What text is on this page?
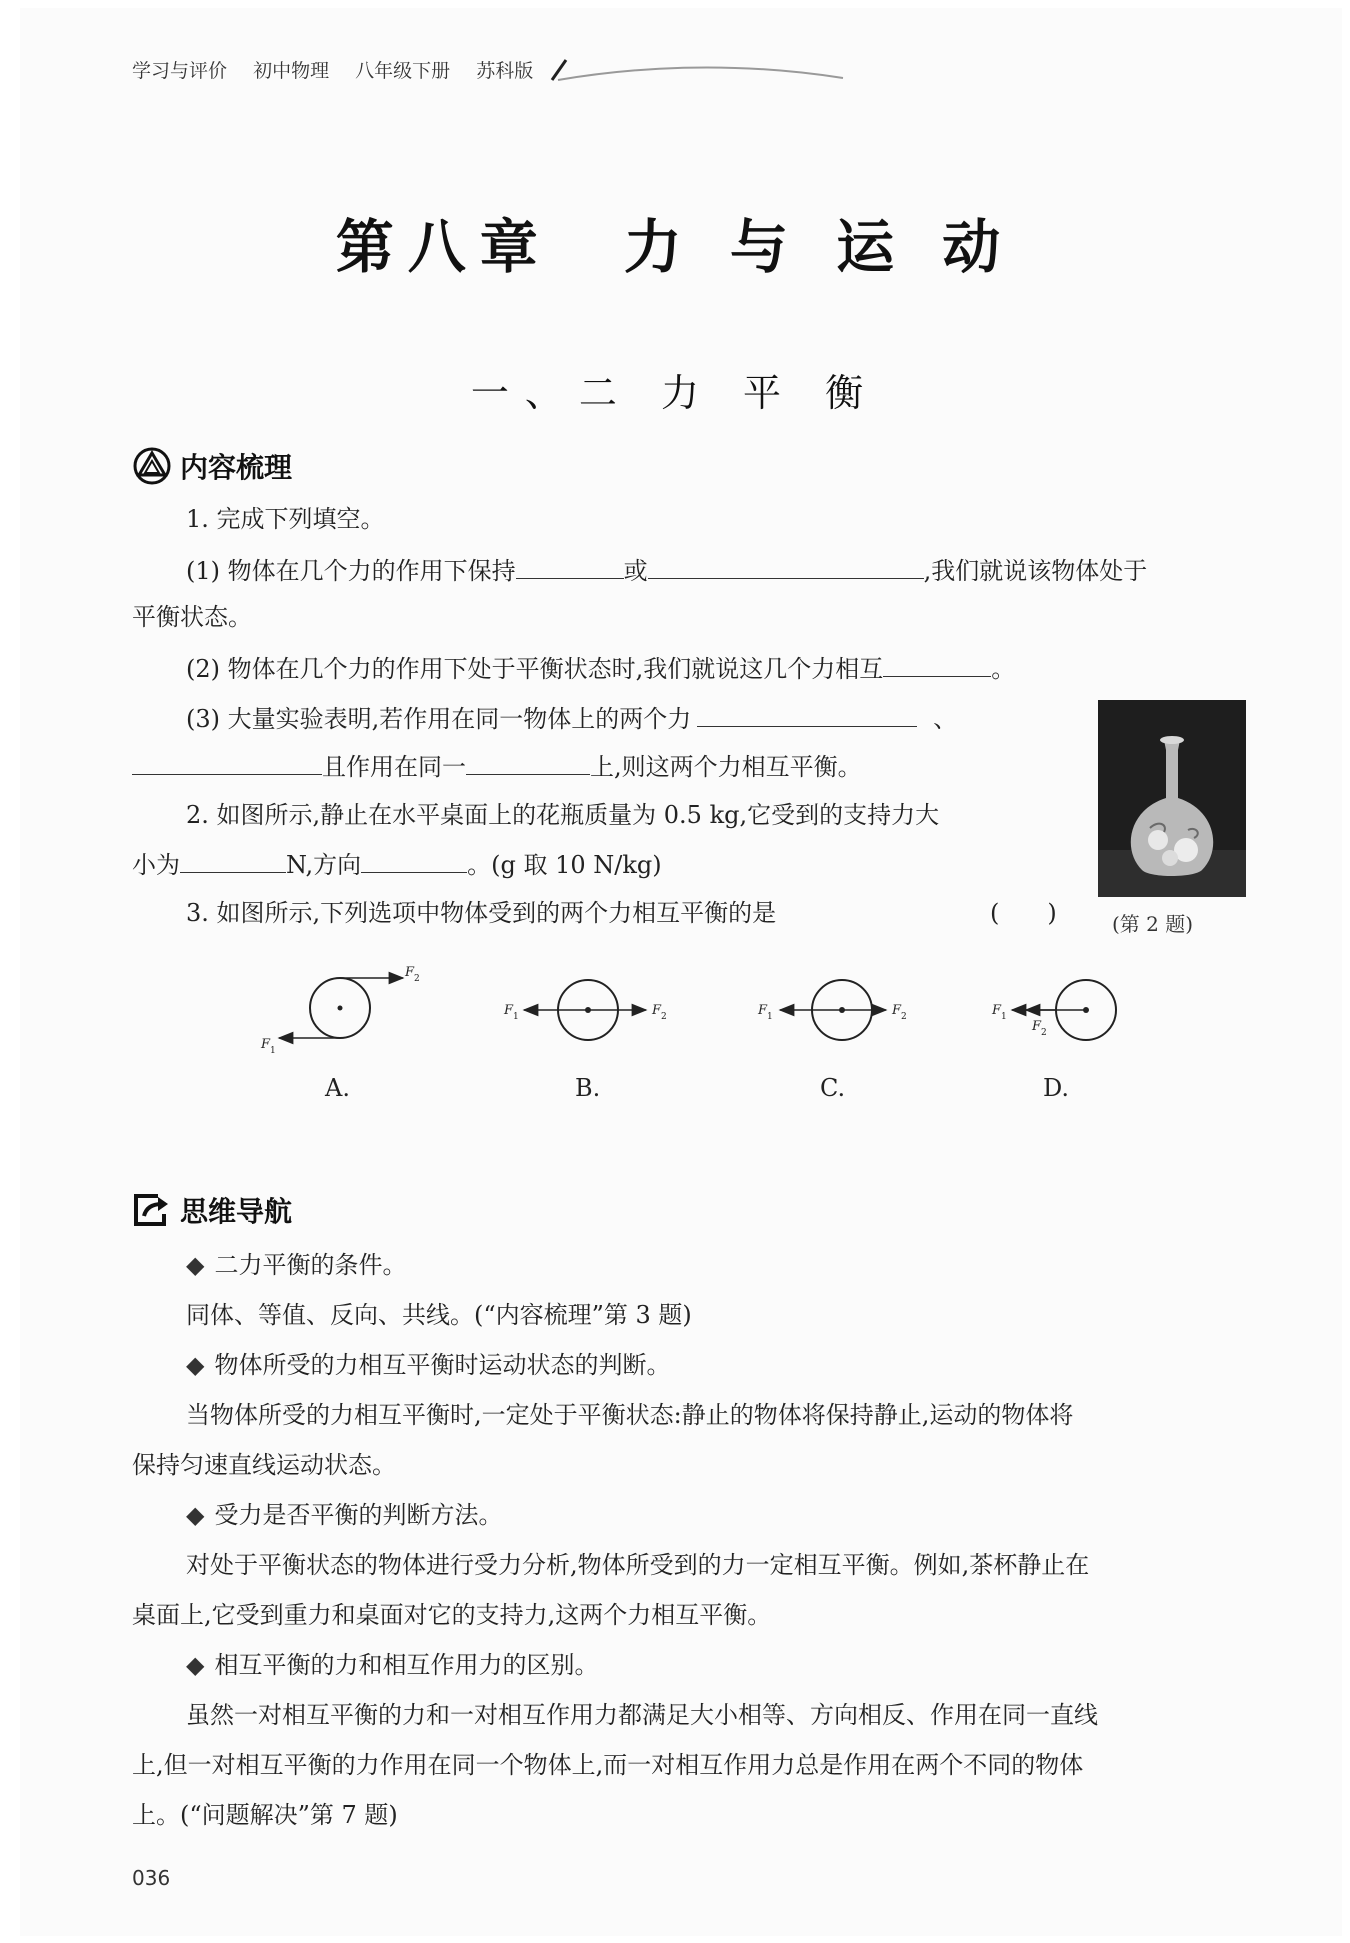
学习与评价 初中物理 八年级下册 苏科版
第八章　力 与 运 动
一、二 力 平 衡
内容梳理
1. 完成下列填空。
(1) 物体在几个力的作用下保持	或	,我们就说该物体处于
平衡状态。
(2) 物体在几个力的作用下处于平衡状态时,我们就说这几个力相互	。
(3) 大量实验表明,若作用在同一物体上的两个力	、
且作用在同一	上,则这两个力相互平衡。
2. 如图所示,静止在水平桌面上的花瓶质量为 0.5 kg,它受到的支持力大
小为	N,方向	。(g 取 10 N/kg)
3. 如图所示,下列选项中物体受到的两个力相互平衡的是	(　　)	(第 2 题)
F 2
F 1
F 1	F 2	F 1	F 2	F 1
F 2
A.	B.	C.	D.
思维导航
◆ 二力平衡的条件。
同体、等值、反向、共线。(“内容梳理”第 3 题)
◆ 物体所受的力相互平衡时运动状态的判断。
当物体所受的力相互平衡时,一定处于平衡状态:静止的物体将保持静止,运动的物体将
保持匀速直线运动状态。
◆ 受力是否平衡的判断方法。
对处于平衡状态的物体进行受力分析,物体所受到的力一定相互平衡。例如,茶杯静止在
桌面上,它受到重力和桌面对它的支持力,这两个力相互平衡。
◆ 相互平衡的力和相互作用力的区别。
虽然一对相互平衡的力和一对相互作用力都满足大小相等、方向相反、作用在同一直线
上,但一对相互平衡的力作用在同一个物体上,而一对相互作用力总是作用在两个不同的物体
上。(“问题解决”第 7 题)
036
